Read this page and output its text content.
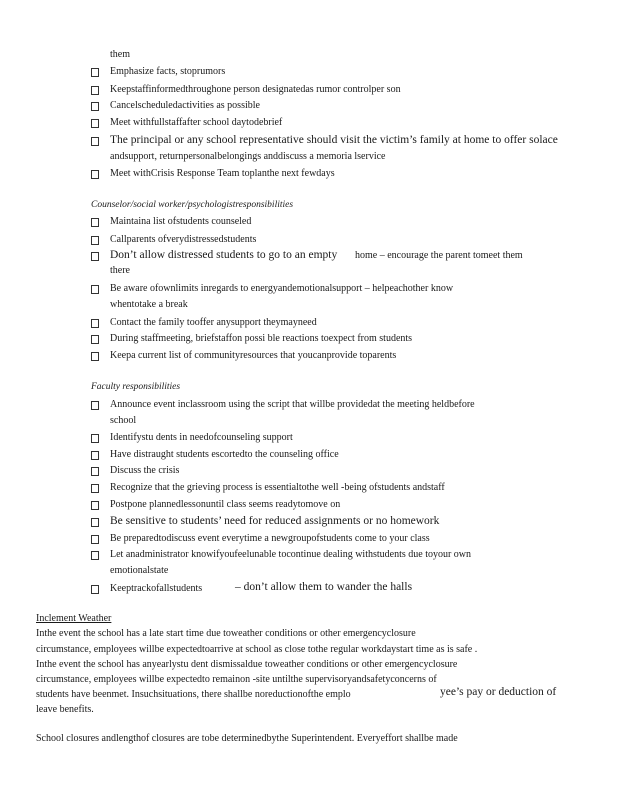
them
Emphasize facts, stoprumors
Keepstaffinformedthroughone person designatedas rumor controlper son
Cancelscheduledactivities as possible
Meet withfullstaffafter school daytodebrief
The principal or any school representative should visit the victim’s family at home to offer solace
andsupport, returnpersonalbelongings anddiscuss a memoria lservice
Meet withCrisis Response Team toplanthe next fewdays
Counselor/social worker/psychologistresponsibilities
Maintaina list ofstudents counseled
Callparents ofverydistressedstudents
Don’t allow distressed students to go to an empty home – encourage the parent tomeet them
there
Be aware ofownlimits inregards to energyandemotionalsupport – helpeachother know
whentotake a break
Contact the family tooffer anysupport theymayneed
During staffmeeting, briefstaffon possi ble reactions toexpect from students
Keepa current list of communityresources that youcanprovide toparents
Faculty responsibilities
Announce event inclassroom using the script that willbe providedat the meeting heldbefore
school
Identifystu dents in needofcounseling support
Have distraught students escortedto the counseling office
Discuss the crisis
Recognize that the grieving process is essentialtothe well -being ofstudents andstaff
Postpone plannedlessonuntil class seems readytomove on
Be sensitive to students’ need for reduced assignments or no homework
Be preparedtodiscuss event everytime a newgroupofstudents come to your class
Let anadministrator knowifyoufeelunable tocontinue dealing withstudents due toyour own
emotionalstate
Keeptrackofallstudents	– don’t allow them to wander the halls
Inclement Weather
Inthe event the school has a late start time due toweather conditions or other emergencyclosure
circumstance, employees willbe expectedtoarrive at school as close tothe regular workdaystart time as is safe .
Inthe event the school has anyearlystu dent dismissaldue toweather conditions or other emergencyclosure
circumstance, employees willbe expectedto remainon -site untilthe supervisoryandsafetyconcerns of
students have beenmet. Insuchsituations, there shallbe noreductionofthe emplo	yee’s pay or deduction of
leave benefits.
School closures andlengthof closures are tobe determinedbythe Superintendent. Everyeffort shallbe made
